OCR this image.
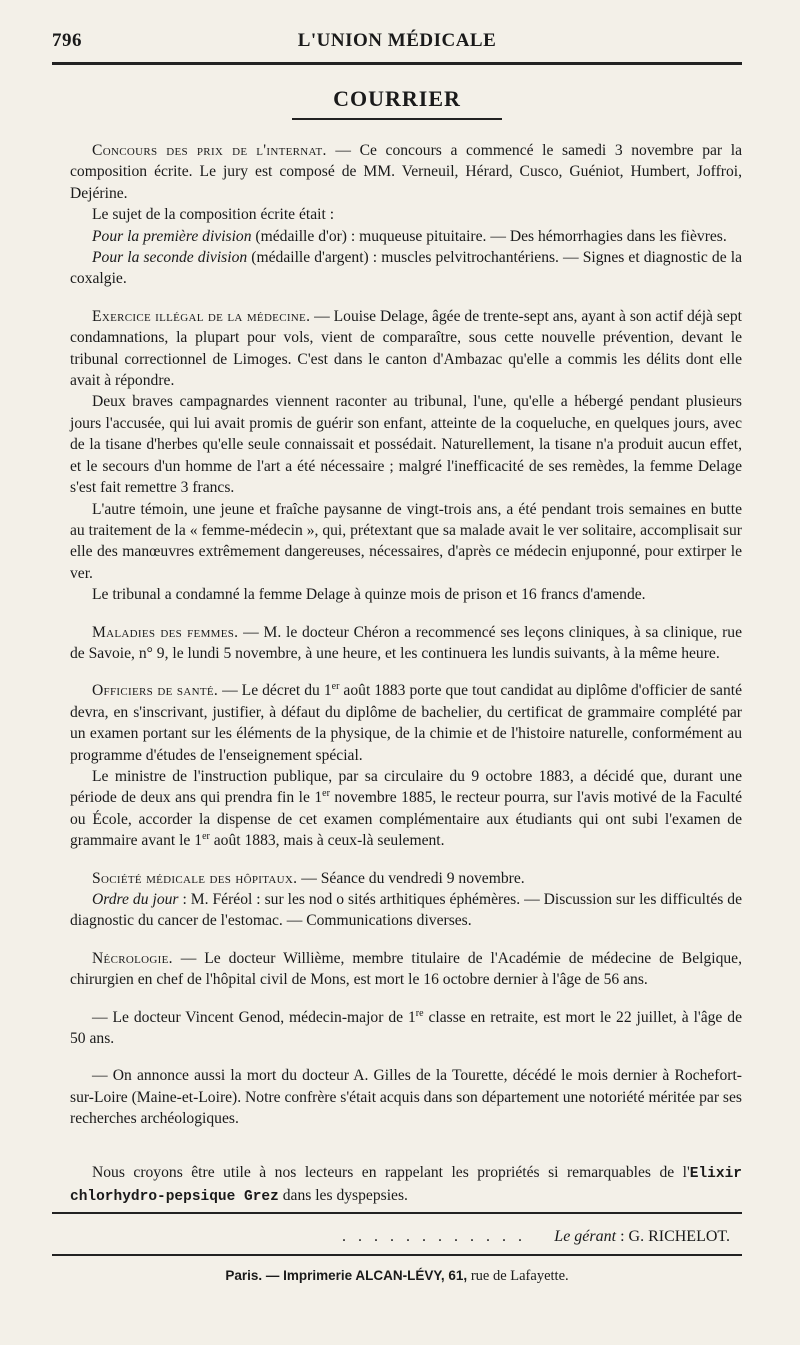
796	L'UNION MÉDICALE
COURRIER

Concours des prix de l'internat. — Ce concours a commencé le samedi 3 novembre par la composition écrite. Le jury est composé de MM. Verneuil, Hérard, Cusco, Guéniot, Humbert, Joffroi, Dejérine.

Le sujet de la composition écrite était :

Pour la première division (médaille d'or) : muqueuse pituitaire. — Des hémorrhagies dans les fièvres.

Pour la seconde division (médaille d'argent) : muscles pelvitrochantériens. — Signes et diagnostic de la coxalgie.

Exercice illégal de la médecine. — Louise Delage, âgée de trente-sept ans, ayant à son actif déjà sept condamnations, la plupart pour vols, vient de comparaître, sous cette nouvelle prévention, devant le tribunal correctionnel de Limoges. C'est dans le canton d'Ambazac qu'elle a commis les délits dont elle avait à répondre.

Deux braves campagnardes viennent raconter au tribunal, l'une, qu'elle a hébergé pendant plusieurs jours l'accusée, qui lui avait promis de guérir son enfant, atteinte de la coqueluche, en quelques jours, avec de la tisane d'herbes qu'elle seule connaissait et possédait. Naturellement, la tisane n'a produit aucun effet, et le secours d'un homme de l'art a été nécessaire ; malgré l'inefficacité de ses remèdes, la femme Delage s'est fait remettre 3 francs.

L'autre témoin, une jeune et fraîche paysanne de vingt-trois ans, a été pendant trois semaines en butte au traitement de la « femme-médecin », qui, prétextant que sa malade avait le ver solitaire, accomplisait sur elle des manœuvres extrêmement dangereuses, nécessaires, d'après ce médecin enjuponné, pour extirper le ver.

Le tribunal a condamné la femme Delage à quinze mois de prison et 16 francs d'amende.

Maladies des femmes. — M. le docteur Chéron a recommencé ses leçons cliniques, à sa clinique, rue de Savoie, n° 9, le lundi 5 novembre, à une heure, et les continuera les lundis suivants, à la même heure.

Officiers de santé. — Le décret du 1er août 1883 porte que tout candidat au diplôme d'officier de santé devra, en s'inscrivant, justifier, à défaut du diplôme de bachelier, du certificat de grammaire complété par un examen portant sur les éléments de la physique, de la chimie et de l'histoire naturelle, conformément au programme d'études de l'enseignement spécial.

Le ministre de l'instruction publique, par sa circulaire du 9 octobre 1883, a décidé que, durant une période de deux ans qui prendra fin le 1er novembre 1885, le recteur pourra, sur l'avis motivé de la Faculté ou École, accorder la dispense de cet examen complémentaire aux étudiants qui ont subi l'examen de grammaire avant le 1er août 1883, mais à ceux-là seulement.

Société médicale des hôpitaux. — Séance du vendredi 9 novembre.

Ordre du jour : M. Féréol : sur les nod o sités arthitiques éphémères. — Discussion sur les difficultés de diagnostic du cancer de l'estomac. — Communications diverses.

Nécrologie. — Le docteur Willième, membre titulaire de l'Académie de médecine de Belgique, chirurgien en chef de l'hôpital civil de Mons, est mort le 16 octobre dernier à l'âge de 56 ans.

— Le docteur Vincent Genod, médecin-major de 1re classe en retraite, est mort le 22 juillet, à l'âge de 50 ans.

— On annonce aussi la mort du docteur A. Gilles de la Tourette, décédé le mois dernier à Rochefort-sur-Loire (Maine-et-Loire). Notre confrère s'était acquis dans son département une notoriété méritée par ses recherches archéologiques.

Nous croyons être utile à nos lecteurs en rappelant les propriétés si remarquables de l'Elixir chlorhydro-pepsique Grez dans les dyspepsies.

. . . . . . . . . . . . Le gérant : G. RICHELOT.
Paris. — Imprimerie ALCAN-LÉVY, 61, rue de Lafayette.
